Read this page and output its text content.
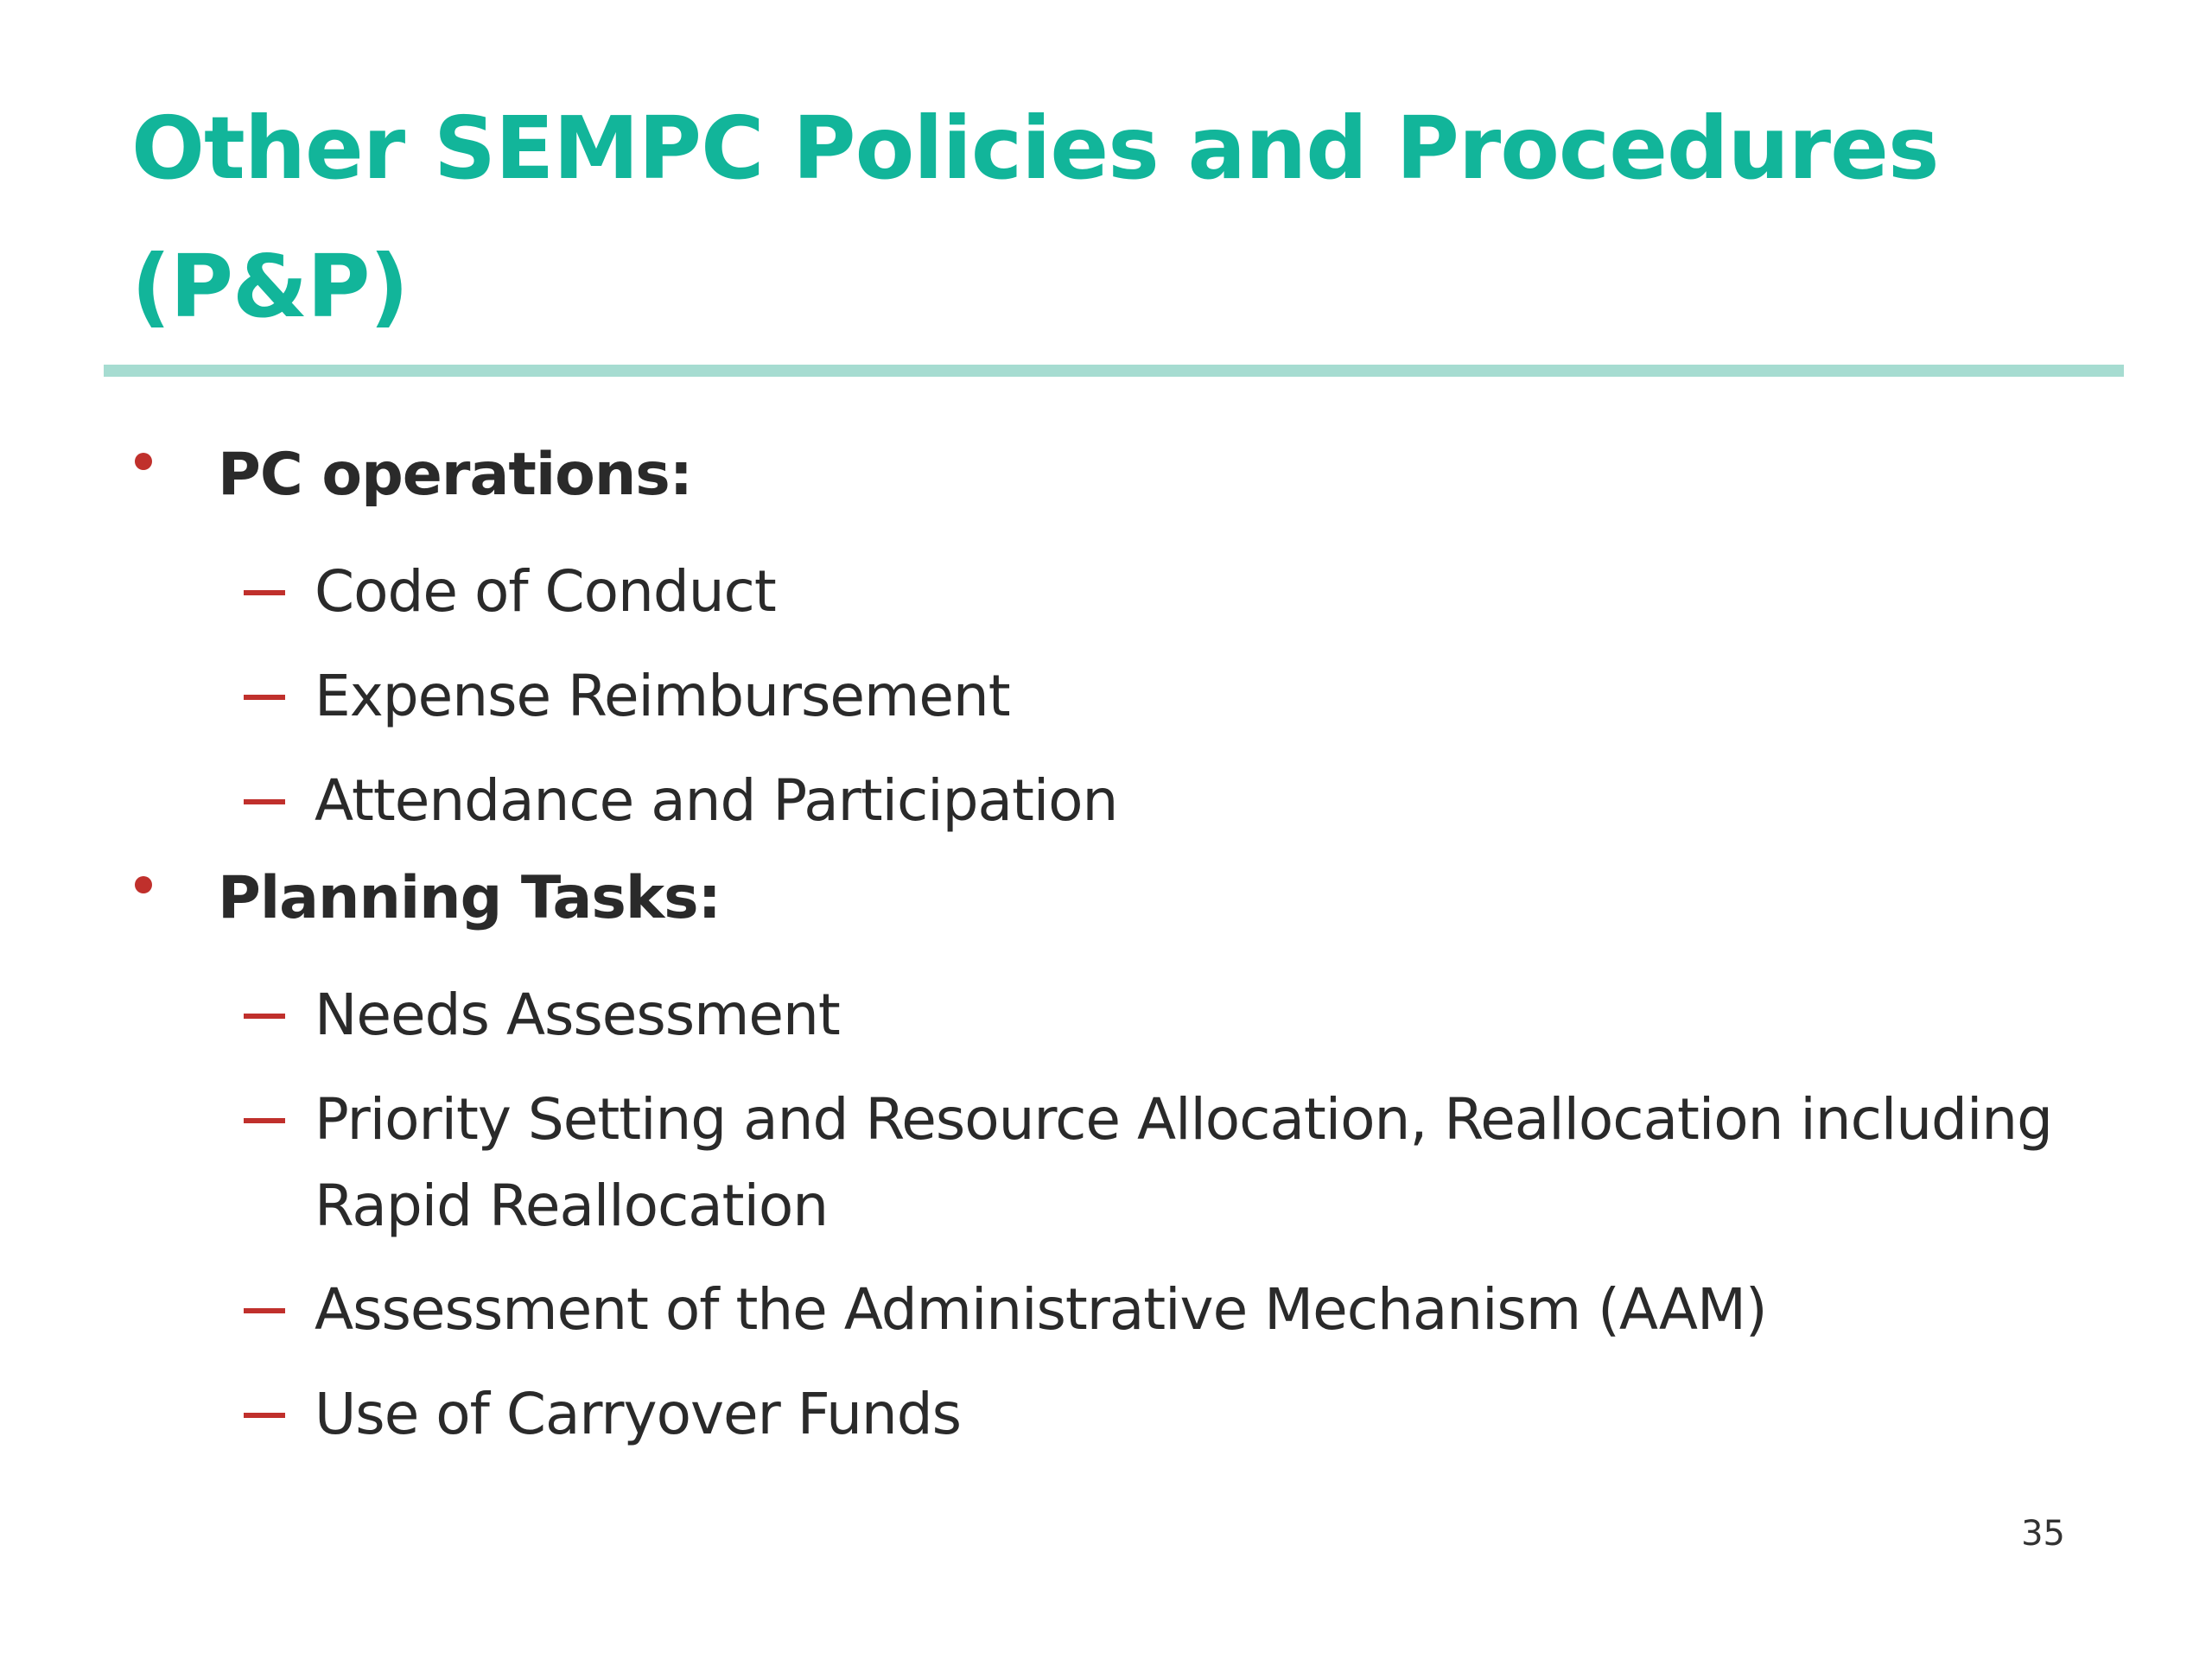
Other SEMPC Policies and Procedures (P&P)
PC operations:
Code of Conduct
Expense Reimbursement
Attendance and Participation
Planning Tasks:
Needs Assessment
Priority Setting and Resource Allocation, Reallocation including Rapid Reallocation
Assessment of the Administrative Mechanism (AAM)
Use of Carryover Funds
35
